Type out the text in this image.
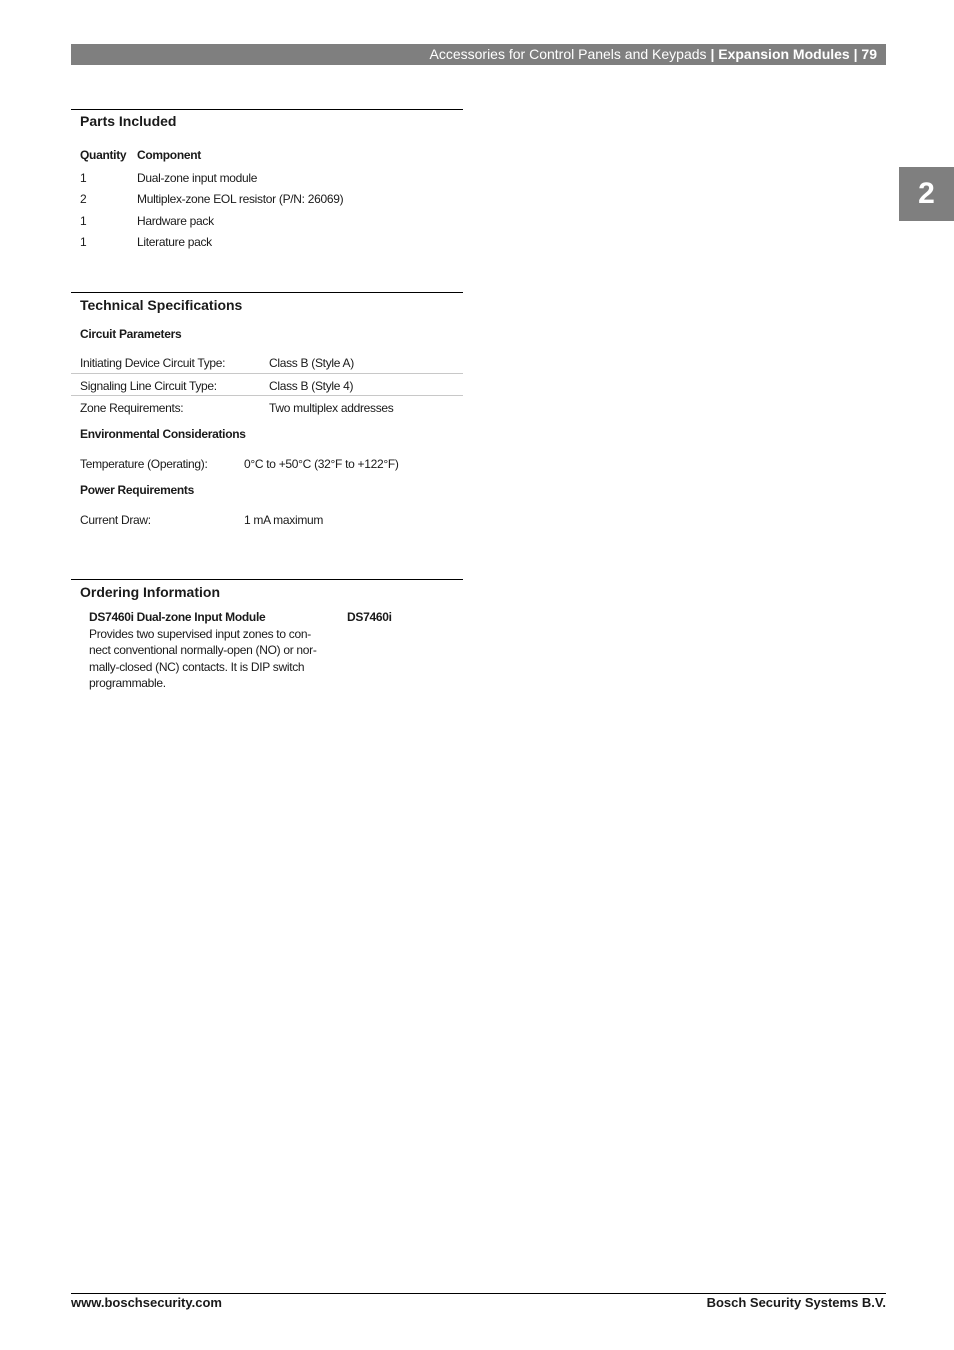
Accessories for Control Panels and Keypads | Expansion Modules | 79
2
Parts Included
Quantity Component
1	Dual-zone input module
2	Multiplex-zone EOL resistor (P/N: 26069)
1	Hardware pack
1	Literature pack
Technical Specifications
Circuit Parameters
Initiating Device Circuit Type:	Class B (Style A)
Signaling Line Circuit Type:	Class B (Style 4)
Zone Requirements:	Two multiplex addresses
Environmental Considerations
Temperature (Operating):	0°C to +50°C (32°F to +122°F)
Power Requirements
Current Draw:	1 mA maximum
Ordering Information
DS7460i Dual-zone Input Module	DS7460i
Provides two supervised input zones to con-
nect conventional normally-open (NO) or nor-
mally-closed (NC) contacts. It is DIP switch
programmable.
www.boschsecurity.com	Bosch Security Systems B.V.
